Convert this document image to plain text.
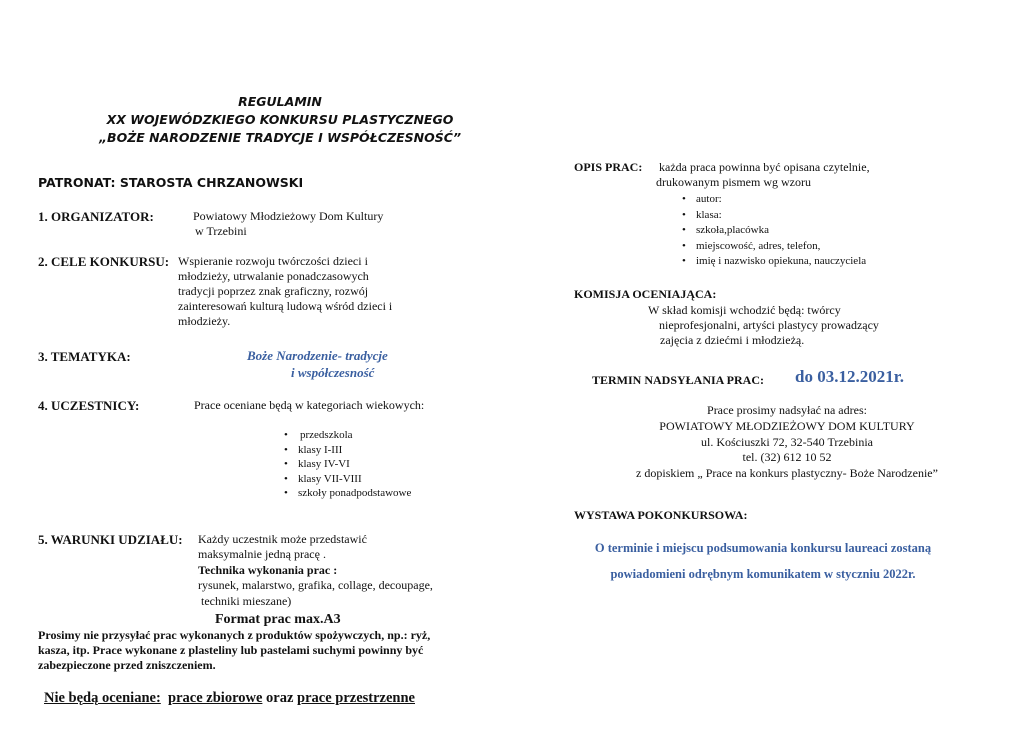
REGULAMIN
XX WOJEWÓDZKIEGO KONKURSU PLASTYCZNEGO
„BOŻE NARODZENIE TRADYCJE I WSPÓŁCZESNOŚĆ”
PATRONAT: STAROSTA CHRZANOWSKI
1. ORGANIZATOR:	Powiatowy Młodzieżowy Dom Kultury
w Trzebini
2. CELE KONKURSU: Wspieranie rozwoju twórczości dzieci i
młodzieży, utrwalanie ponadczasowych
tradycji poprzez znak graficzny, rozwój
zainteresowań kulturą ludową wśród dzieci i
młodzieży.
3. TEMATYKA:	Boże Narodzenie- tradycje
i współczesność
4. UCZESTNICY:	Prace oceniane będą w kategoriach wiekowych:
• przedszkola
• klasy I-III
• klasy IV-VI
• klasy VII-VIII
• szkoły ponadpodstawowe
5. WARUNKI UDZIAŁU: Każdy uczestnik może przedstawić
maksymalnie jedną pracę .
Technika wykonania prac :
rysunek, malarstwo, grafika, collage, decoupage,
techniki mieszane)
Format prac max.A3
Prosimy nie przysyłać prac wykonanych z produktów spożywczych, np.: ryż,
kasza, itp. Prace wykonane z plasteliny lub pastelami suchymi powinny być
zabezpieczone przed zniszczeniem.
Nie będą oceniane: prace zbiorowe oraz prace przestrzenne
OPIS PRAC: każda praca powinna być opisana czytelnie,
drukowanym pismem wg wzoru
• autor:
• klasa:
• szkoła,placówka
• miejscowość, adres, telefon,
• imię i nazwisko opiekuna, nauczyciela
KOMISJA OCENIAJĄCA:
W skład komisji wchodzić będą: twórcy
nieprofesjonalni, artyści plastycy prowadzący
zajęcia z dziećmi i młodzieżą.
TERMIN NADSYŁANIA PRAC: do 03.12.2021r.
Prace prosimy nadsyłać na adres:
POWIATOWY MŁODZIEŻOWY DOM KULTURY
ul. Kościuszki 72, 32-540 Trzebinia
tel. (32) 612 10 52
z dopiskiem „ Prace na konkurs plastyczny- Boże Narodzenie”
WYSTAWA POKONKURSOWA:
O terminie i miejscu podsumowania konkursu laureaci zostaną
powiadomieni odrębnym komunikatem w styczniu 2022r.
